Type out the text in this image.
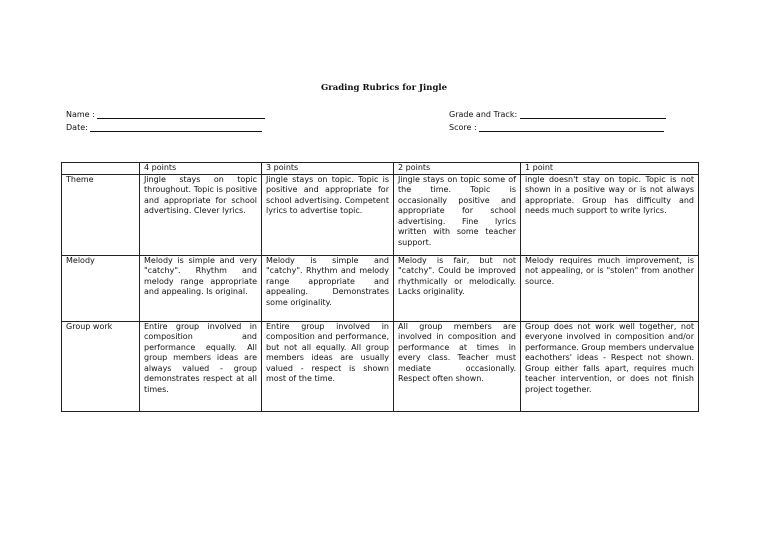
Grading Rubrics for Jingle
Name :
Date:
Grade and Track:
Score :
	4 points	3 points	2 points	1 point
Theme	Jingle stays on topic throughout. Topic is positive and appropriate for school advertising. Clever lyrics.	Jingle stays on topic. Topic is positive and appropriate for school advertising. Competent lyrics to advertise topic.	Jingle stays on topic some of the time. Topic is occasionally positive and appropriate for school advertising. Fine lyrics written with some teacher support.	ingle doesn't stay on topic. Topic is not shown in a positive way or is not always appropriate. Group has difficulty and needs much support to write lyrics.
Melody	Melody is simple and very "catchy". Rhythm and melody range appropriate and appealing. Is original.	Melody is simple and "catchy". Rhythm and melody range appropriate and appealing. Demonstrates some originality.	Melody is fair, but not "catchy". Could be improved rhythmically or melodically. Lacks originality.	Melody requires much improvement, is not appealing, or is "stolen" from another source.
Group work	Entire group involved in composition and performance equally. All group members ideas are always valued - group demonstrates respect at all times.	Entire group involved in composition and performance, but not all equally. All group members ideas are usually valued - respect is shown most of the time.	All group members are involved in composition and performance at times in every class. Teacher must mediate occasionally. Respect often shown.	Group does not work well together, not everyone involved in composition and/or performance. Group members undervalue eachothers' ideas - Respect not shown. Group either falls apart, requires much teacher intervention, or does not finish project together.
